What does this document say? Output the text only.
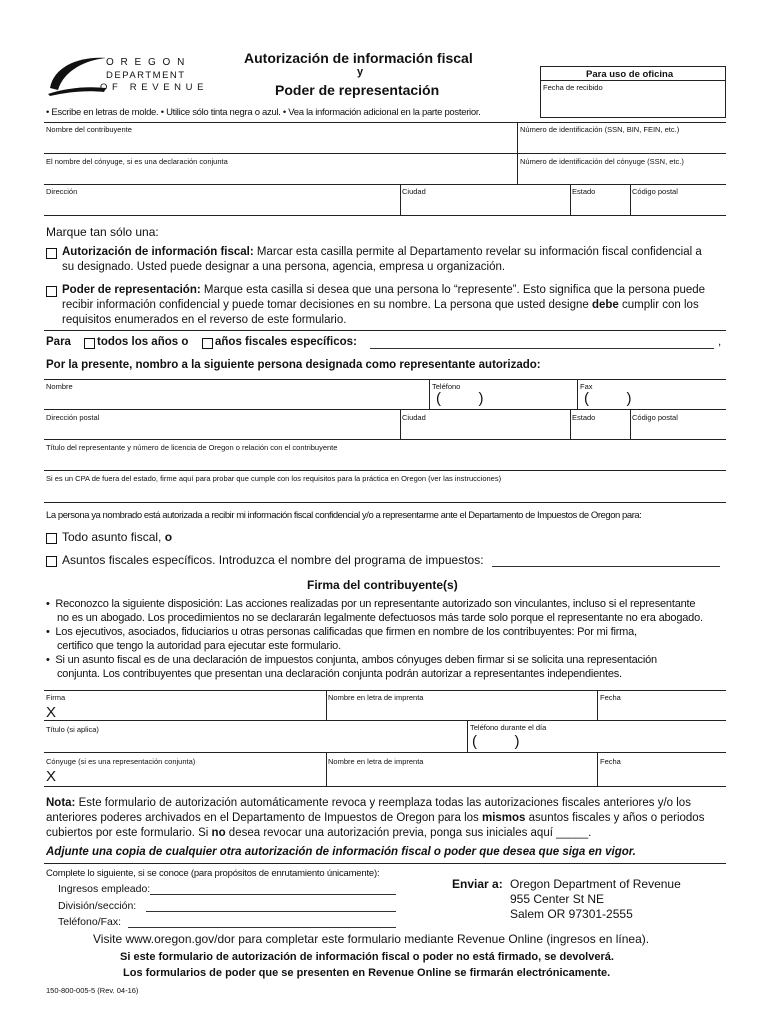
O R E G O N
DEPARTMENT
O F   R E V E N U E
Autorización de información fiscal
y
Poder de representación
Para uso de oficina
Fecha de recibido
• Escribe en letras de molde. • Utilice sólo tinta negra o azul. • Vea la información adicional en la parte posterior.
Nombre del contribuyente	Número de identificación (SSN, BIN, FEIN, etc.)
El nombre del cónyuge, si es una declaración conjunta	Número de identificación del cónyuge (SSN, etc.)
Dirección	Ciudad	Estado	Código postal
Marque tan sólo una:
Autorización de información fiscal: Marcar esta casilla permite al Departamento revelar su información fiscal confidencial a
su designado. Usted puede designar a una persona, agencia, empresa u organización.
Poder de representación: Marque esta casilla si desea que una persona lo “represente”. Esto significa que la persona puede
recibir información confidencial y puede tomar decisiones en su nombre. La persona que usted designe debe cumplir con los
requisitos enumerados en el reverso de este formulario.
Para todos los años o años fiscales específicos:	,
Por la presente, nombro a la siguiente persona designada como representante autorizado:
Nombre	Teléfono	Fax
(         )	(         )
Dirección postal	Ciudad	Estado	Código postal
Título del representante y número de licencia de Oregon o relación con el contribuyente
Si es un CPA de fuera del estado, firme aquí para probar que cumple con los requisitos para la práctica en Oregon (ver las instrucciones)
La persona ya nombrado está autorizada a recibir mi información fiscal confidencial y/o a representarme ante el Departamento de Impuestos de Oregon para:
Todo asunto fiscal, o
Asuntos fiscales específicos. Introduzca el nombre del programa de impuestos:
Firma del contribuyente(s)
•  Reconozco la siguiente disposición: Las acciones realizadas por un representante autorizado son vinculantes, incluso si el representante
no es un abogado. Los procedimientos no se declararán legalmente defectuosos más tarde solo porque el representante no era abogado.
•  Los ejecutivos, asociados, fiduciarios u otras personas calificadas que firmen en nombre de los contribuyentes: Por mi firma,
certifico que tengo la autoridad para ejecutar este formulario.
•  Si un asunto fiscal es de una declaración de impuestos conjunta, ambos cónyuges deben firmar si se solicita una representación
conjunta. Los contribuyentes que presentan una declaración conjunta podrán autorizar a representantes independientes.
Firma	Nombre en letra de imprenta	Fecha
X
Título (si aplica)	Teléfono durante el día
(         )
Cónyuge (si es una representación conjunta)	Nombre en letra de imprenta	Fecha
X
Nota: Este formulario de autorización automáticamente revoca y reemplaza todas las autorizaciones fiscales anteriores y/o los
anteriores poderes archivados en el Departamento de Impuestos de Oregon para los mismos asuntos fiscales y años o periodos
cubiertos por este formulario. Si no desea revocar una autorización previa, ponga sus iniciales aquí _____.
Adjunte una copia de cualquier otra autorización de información fiscal o poder que desea que siga en vigor.
Complete lo siguiente, si se conoce (para propósitos de enrutamiento únicamente):
Ingresos empleado:
División/sección:
Teléfono/Fax:
Enviar a: Oregon Department of Revenue
955 Center St NE
Salem OR 97301-2555
Visite www.oregon.gov/dor para completar este formulario mediante Revenue Online (ingresos en línea).
Si este formulario de autorización de información fiscal o poder no está firmado, se devolverá.
Los formularios de poder que se presenten en Revenue Online se firmarán electrónicamente.
150-800-005-5 (Rev. 04-16)
